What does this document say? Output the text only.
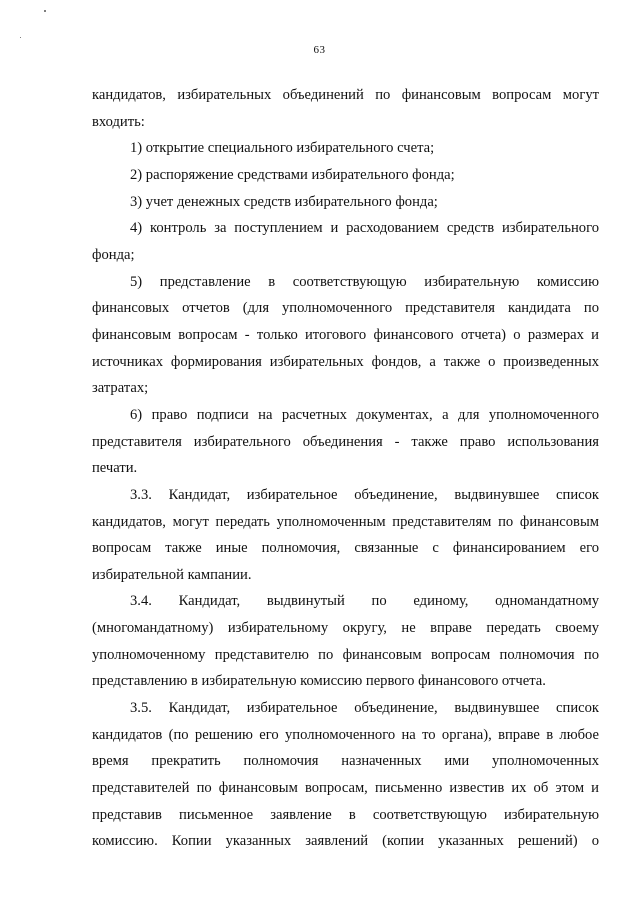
63
кандидатов, избирательных объединений по финансовым вопросам могут
входить:
1) открытие специального избирательного счета;
2) распоряжение средствами избирательного фонда;
3) учет денежных средств избирательного фонда;
4) контроль за поступлением и расходованием средств избирательного
фонда;
5) представление в соответствующую избирательную комиссию
финансовых отчетов (для уполномоченного представителя кандидата по
финансовым вопросам - только итогового финансового отчета) о размерах и
источниках формирования избирательных фондов, а также о произведенных
затратах;
6) право подписи на расчетных документах, а для уполномоченного
представителя избирательного объединения - также право использования
печати.
3.3. Кандидат, избирательное объединение, выдвинувшее список
кандидатов, могут передать уполномоченным представителям по финансовым
вопросам также иные полномочия, связанные с финансированием его
избирательной кампании.
3.4. Кандидат, выдвинутый по единому, одномандатному
(многомандатному) избирательному округу, не вправе передать своему
уполномоченному представителю по финансовым вопросам полномочия по
представлению в избирательную комиссию первого финансового отчета.
3.5. Кандидат, избирательное объединение, выдвинувшее список
кандидатов (по решению его уполномоченного на то органа), вправе в любое
время прекратить полномочия назначенных ими уполномоченных
представителей по финансовым вопросам, письменно известив их об этом и
представив письменное заявление в соответствующую избирательную
комиссию. Копии указанных заявлений (копии указанных решений) о
